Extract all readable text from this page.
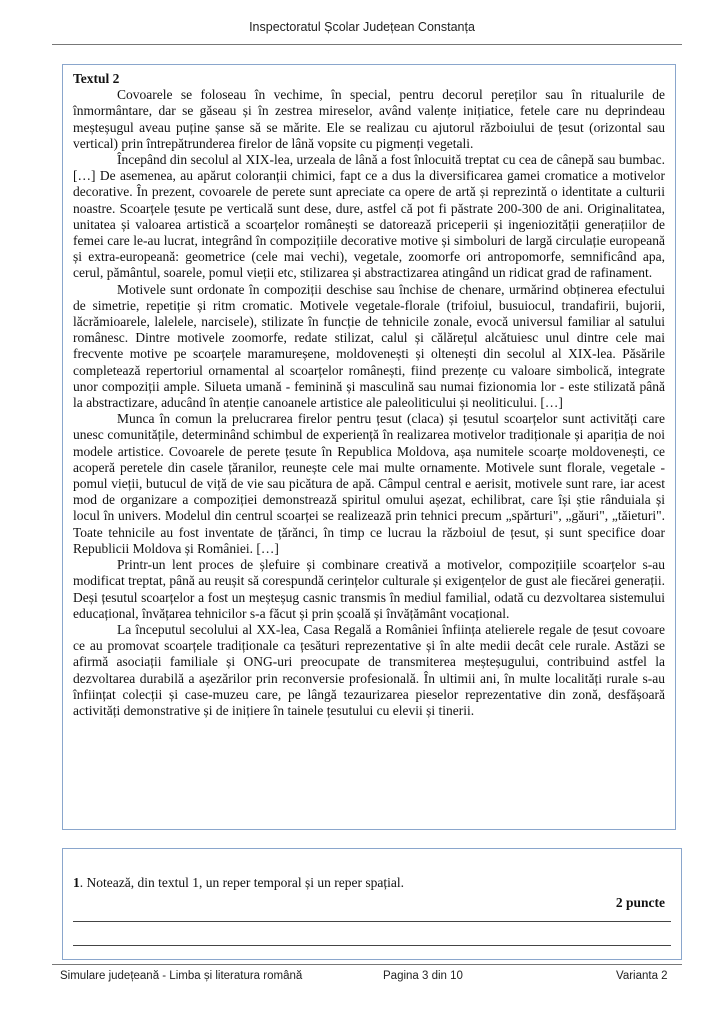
Inspectoratul Școlar Județean Constanța
Textul 2

Covoarele se foloseau în vechime, în special, pentru decorul pereților sau în ritualurile de înmormântare, dar se găseau și în zestrea mireselor, având valențe inițiatice, fetele care nu deprindeau meșteșugul aveau puține șanse să se mărite. Ele se realizau cu ajutorul războiului de țesut (orizontal sau vertical) prin întrepătrunderea firelor de lână vopsite cu pigmenți vegetali.

Începând din secolul al XIX-lea, urzeala de lână a fost înlocuită treptat cu cea de cânepă sau bumbac. […] De asemenea, au apărut coloranții chimici, fapt ce a dus la diversificarea gamei cromatice a motivelor decorative. În prezent, covoarele de perete sunt apreciate ca opere de artă și reprezintă o identitate a culturii noastre. Scoarțele țesute pe verticală sunt dese, dure, astfel că pot fi păstrate 200-300 de ani. Originalitatea, unitatea și valoarea artistică a scoarțelor românești se datorează priceperii și ingeniozității generațiilor de femei care le-au lucrat, integrând în compozițiile decorative motive și simboluri de largă circulație europeană și extra-europeană: geometrice (cele mai vechi), vegetale, zoomorfe ori antropomorfe, semnificând apa, cerul, pământul, soarele, pomul vieții etc, stilizarea și abstractizarea atingând un ridicat grad de rafinament.

Motivele sunt ordonate în compoziții deschise sau închise de chenare, urmărind obținerea efectului de simetrie, repetiție și ritm cromatic. Motivele vegetale-florale (trifoiul, busuiocul, trandafirii, bujorii, lăcrămioarele, lalelele, narcisele), stilizate în funcție de tehnicile zonale, evocă universul familiar al satului românesc. Dintre motivele zoomorfe, redate stilizat, calul și călărețul alcătuiesc unul dintre cele mai frecvente motive pe scoarțele maramureșene, moldovenești și oltenești din secolul al XIX-lea. Păsările completează repertoriul ornamental al scoarțelor românești, fiind prezențe cu valoare simbolică, integrate unor compoziții ample. Silueta umană - feminină și masculină sau numai fizionomia lor - este stilizată până la abstractizare, aducând în atenție canoanele artistice ale paleoliticului și neoliticului. […]

Munca în comun la prelucrarea firelor pentru țesut (claca) și țesutul scoarțelor sunt activități care unesc comunitățile, determinând schimbul de experiență în realizarea motivelor tradiționale și apariția de noi modele artistice. Covoarele de perete țesute în Republica Moldova, așa numitele scoarțe moldovenești, ce acoperă peretele din casele țăranilor, reunește cele mai multe ornamente. Motivele sunt florale, vegetale - pomul vieții, butucul de viță de vie sau picătura de apă. Câmpul central e aerisit, motivele sunt rare, iar acest mod de organizare a compoziției demonstrează spiritul omului așezat, echilibrat, care își știe rânduiala și locul în univers. Modelul din centrul scoarței se realizează prin tehnici precum „spărturi", „găuri", „tăieturi". Toate tehnicile au fost inventate de țărănci, în timp ce lucrau la războiul de țesut, și sunt specifice doar Republicii Moldova și României. […]

Printr-un lent proces de șlefuire și combinare creativă a motivelor, compozițiile scoarțelor s-au modificat treptat, până au reușit să corespundă cerințelor culturale și exigențelor de gust ale fiecărei generații. Deși țesutul scoarțelor a fost un meșteșug casnic transmis în mediul familial, odată cu dezvoltarea sistemului educațional, învățarea tehnicilor s-a făcut și prin școală și învățământ vocațional.

La începutul secolului al XX-lea, Casa Regală a României înființa atelierele regale de țesut covoare ce au promovat scoarțele tradiționale ca țesături reprezentative și în alte medii decât cele rurale. Astăzi se afirmă asociații familiale și ONG-uri preocupate de transmiterea meșteșugului, contribuind astfel la dezvoltarea durabilă a așezărilor prin reconversie profesională. În ultimii ani, în multe localități rurale s-au înființat colecții și case-muzeu care, pe lângă tezaurizarea pieselor reprezentative din zonă, desfășoară activități demonstrative și de inițiere în tainele țesutului cu elevii și tinerii.

1. Notează, din textul 1, un reper temporal și un reper spațial.
2 puncte
Simulare județeană - Limba și literatura română	Pagina 3 din 10	Varianta 2
